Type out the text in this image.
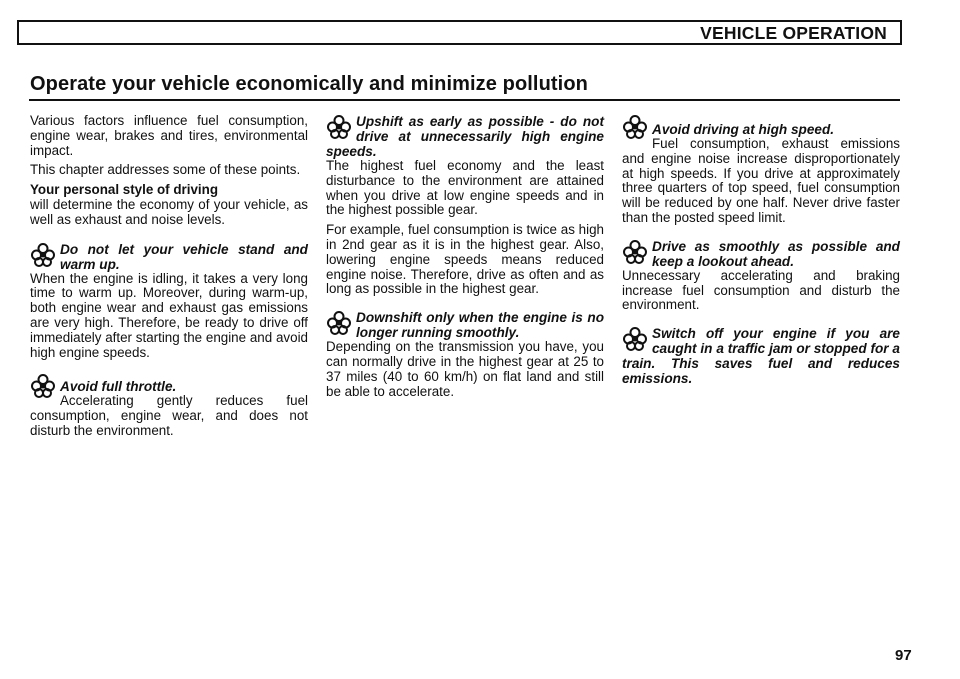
VEHICLE OPERATION
Operate your vehicle economically and minimize pollution

Various factors influence fuel consumption, engine wear, brakes and tires, environmental impact.

This chapter addresses some of these points.

Your personal style of driving

will determine the economy of your vehicle, as well as exhaust and noise levels.

Do not let your vehicle stand and warm up.

When the engine is idling, it takes a very long time to warm up. Moreover, during warm-up, both engine wear and exhaust gas emissions are very high. Therefore, be ready to drive off immediately after starting the engine and avoid high engine speeds.

Avoid full throttle.

Accelerating gently reduces fuel consumption, engine wear, and does not disturb the environment.

Upshift as early as possible - do not drive at unnecessarily high engine speeds.

The highest fuel economy and the least disturbance to the environment are attained when you drive at low engine speeds and in the highest possible gear.

For example, fuel consumption is twice as high in 2nd gear as it is in the highest gear. Also, lowering engine speeds means reduced engine noise. Therefore, drive as often and as long as possible in the highest gear.

Downshift only when the engine is no longer running smoothly.

Depending on the transmission you have, you can normally drive in the highest gear at 25 to 37 miles (40 to 60 km/h) on flat land and still be able to accelerate.

Avoid driving at high speed.

Fuel consumption, exhaust emissions and engine noise increase disproportionately at high speeds. If you drive at approximately three quarters of top speed, fuel consumption will be reduced by one half. Never drive faster than the posted speed limit.

Drive as smoothly as possible and keep a lookout ahead.

Unnecessary accelerating and braking increase fuel consumption and disturb the environment.

Switch off your engine if you are caught in a traffic jam or stopped for a train. This saves fuel and reduces emissions.
97
